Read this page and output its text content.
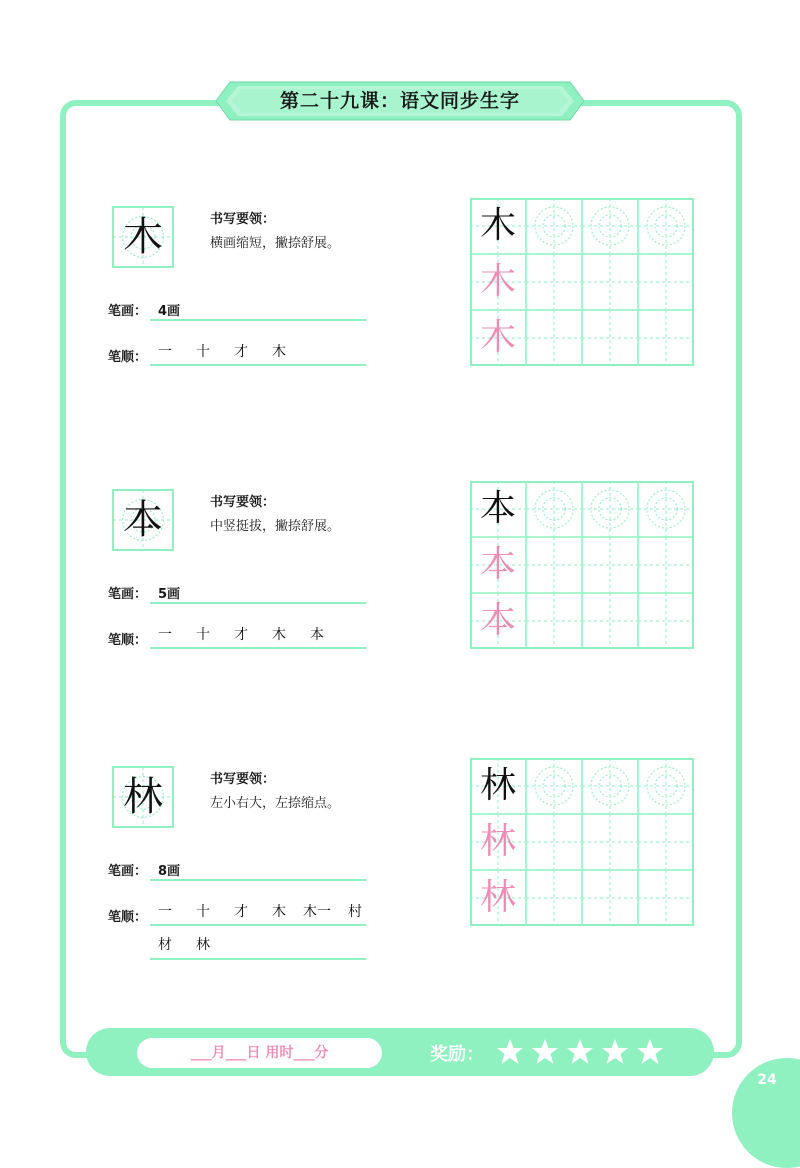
第二十九课：语文同步生字
木	书写要领：
横画缩短，撇捺舒展。
笔画： 4画
笔顺： 一	十	才	木
木
木
木
本	书写要领：
中竖挺拔，撇捺舒展。
笔画： 5画
笔顺： 一	十	才	木	本
本
本
本
林	书写要领：
左小右大，左捺缩点。
笔画： 8画
笔顺： 一	十	才	木	木一	村
材	林
林
林
林
___月___日 用时___分	奖励：
24
